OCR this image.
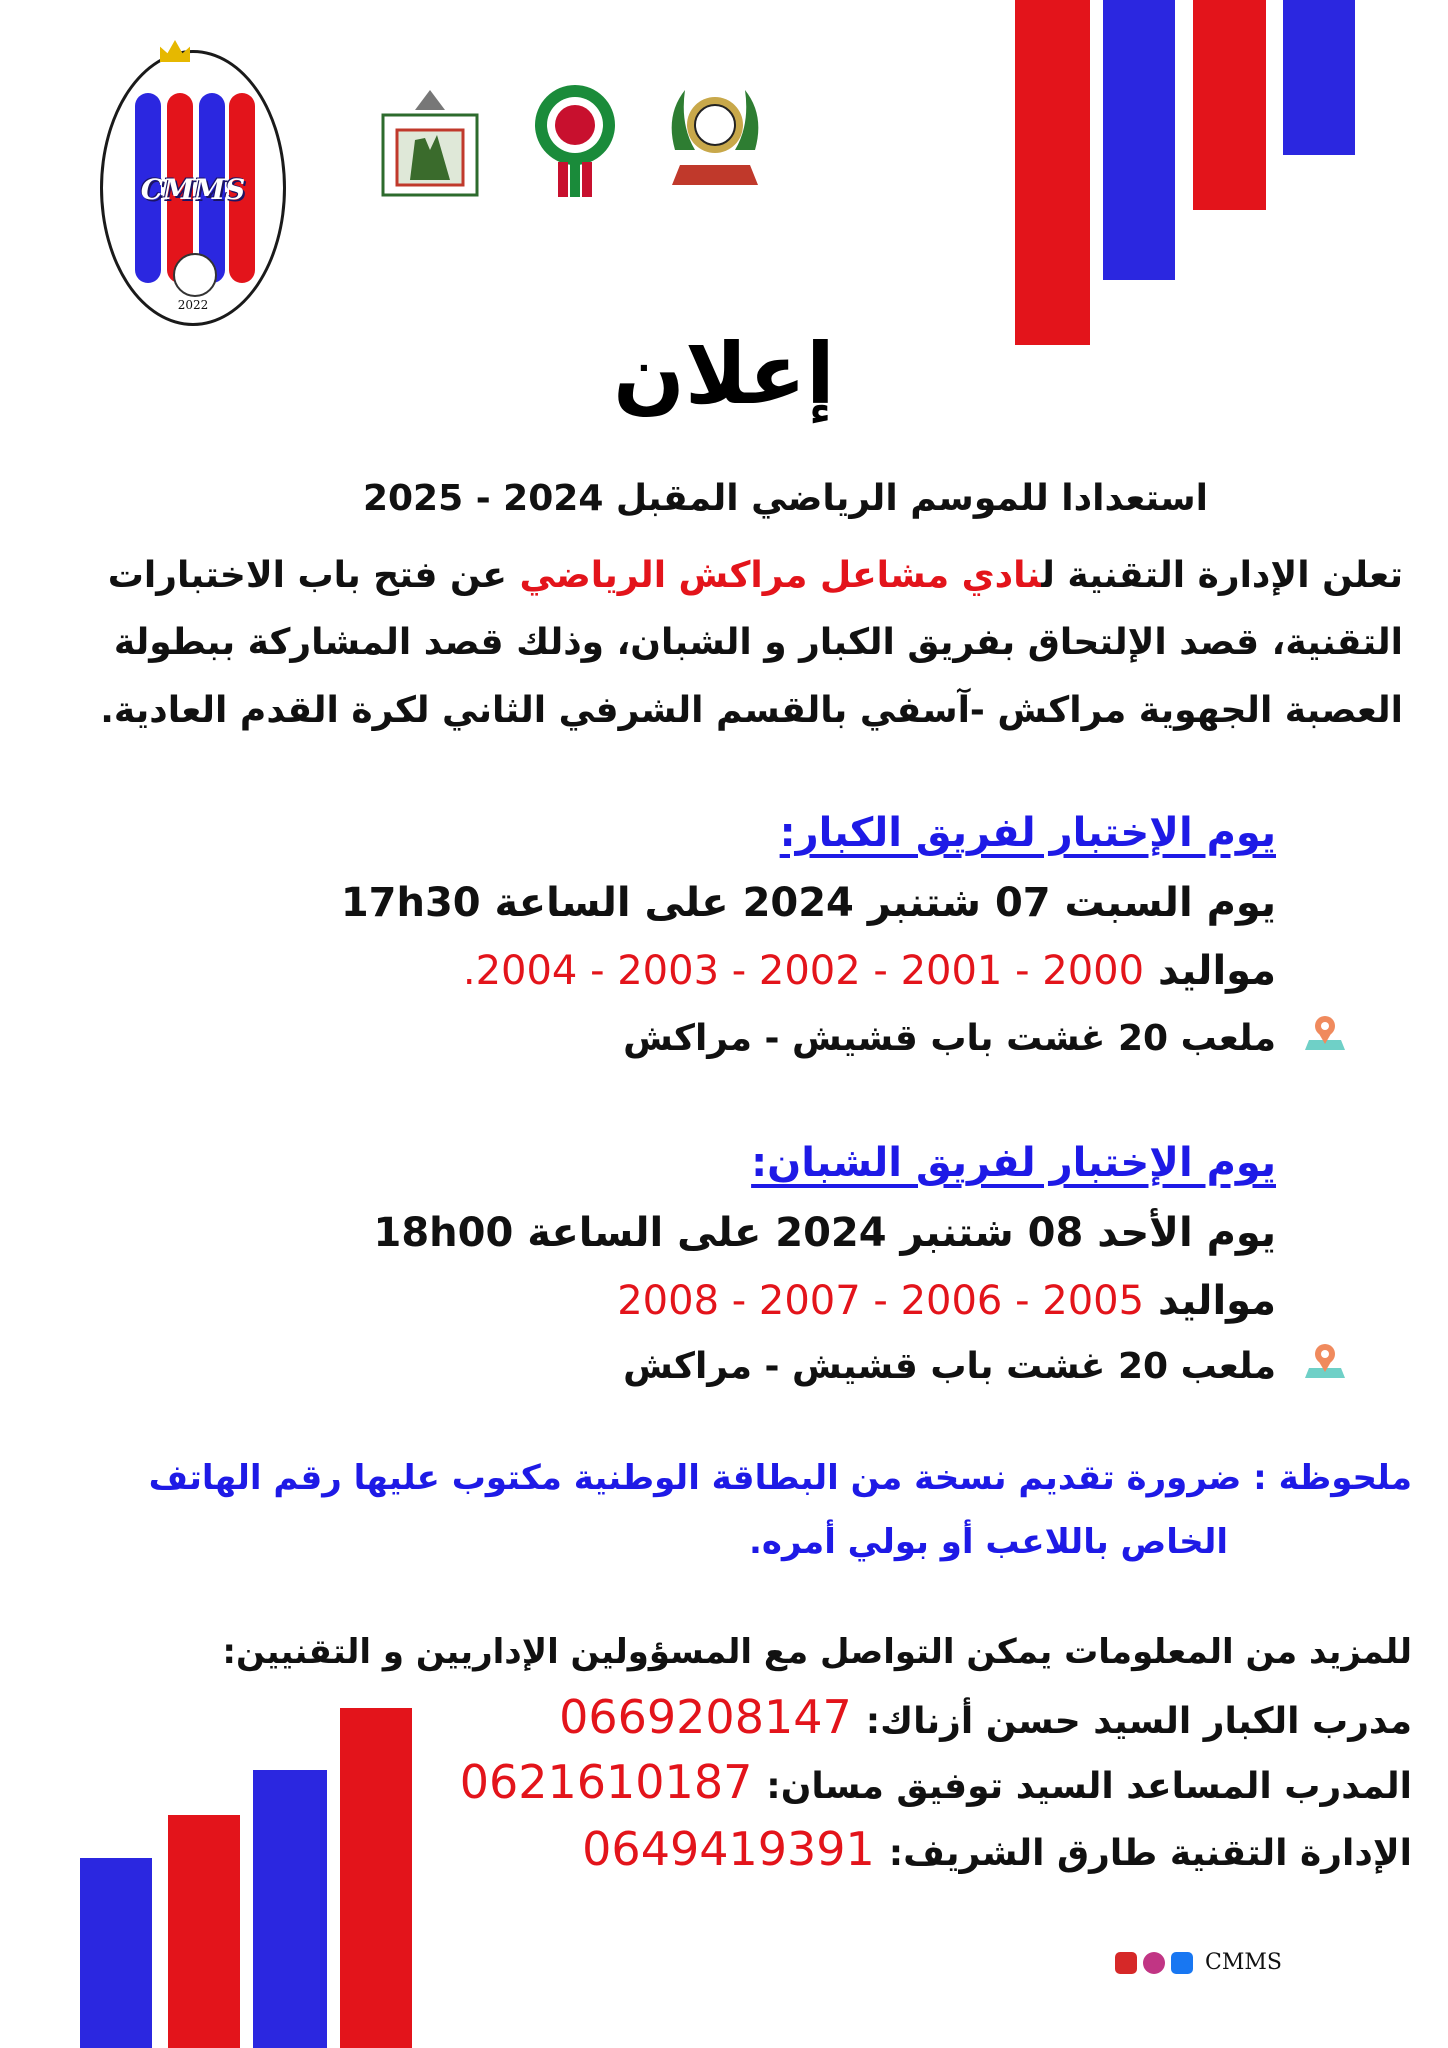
CMMS
2022
إعلان
استعدادا للموسم الرياضي المقبل 2024 - 2025
تعلن الإدارة التقنية لنادي مشاعل مراكش الرياضي عن فتح باب الاختبارات
التقنية، قصد الإلتحاق بفريق الكبار و الشبان، وذلك قصد المشاركة ببطولة
العصبة الجهوية مراكش -آسفي بالقسم الشرفي الثاني لكرة القدم العادية.
يوم الإختبار لفريق الكبار:
يوم السبت 07 شتنبر 2024 على الساعة 17h30
مواليد 2000 - 2001 - 2002 - 2003 - 2004.
ملعب 20 غشت باب قشيش - مراكش
يوم الإختبار لفريق الشبان:
يوم الأحد 08 شتنبر 2024 على الساعة 18h00
مواليد 2005 - 2006 - 2007 - 2008
ملعب 20 غشت باب قشيش - مراكش
ملحوظة : ضرورة تقديم نسخة من البطاقة الوطنية مكتوب عليها رقم الهاتف
الخاص باللاعب أو بولي أمره.
للمزيد من المعلومات يمكن التواصل مع المسؤولين الإداريين و التقنيين:
مدرب الكبار السيد حسن أزناك: 0669208147
المدرب المساعد السيد توفيق مسان: 0621610187
الإدارة التقنية طارق الشريف: 0649419391
CMMS
